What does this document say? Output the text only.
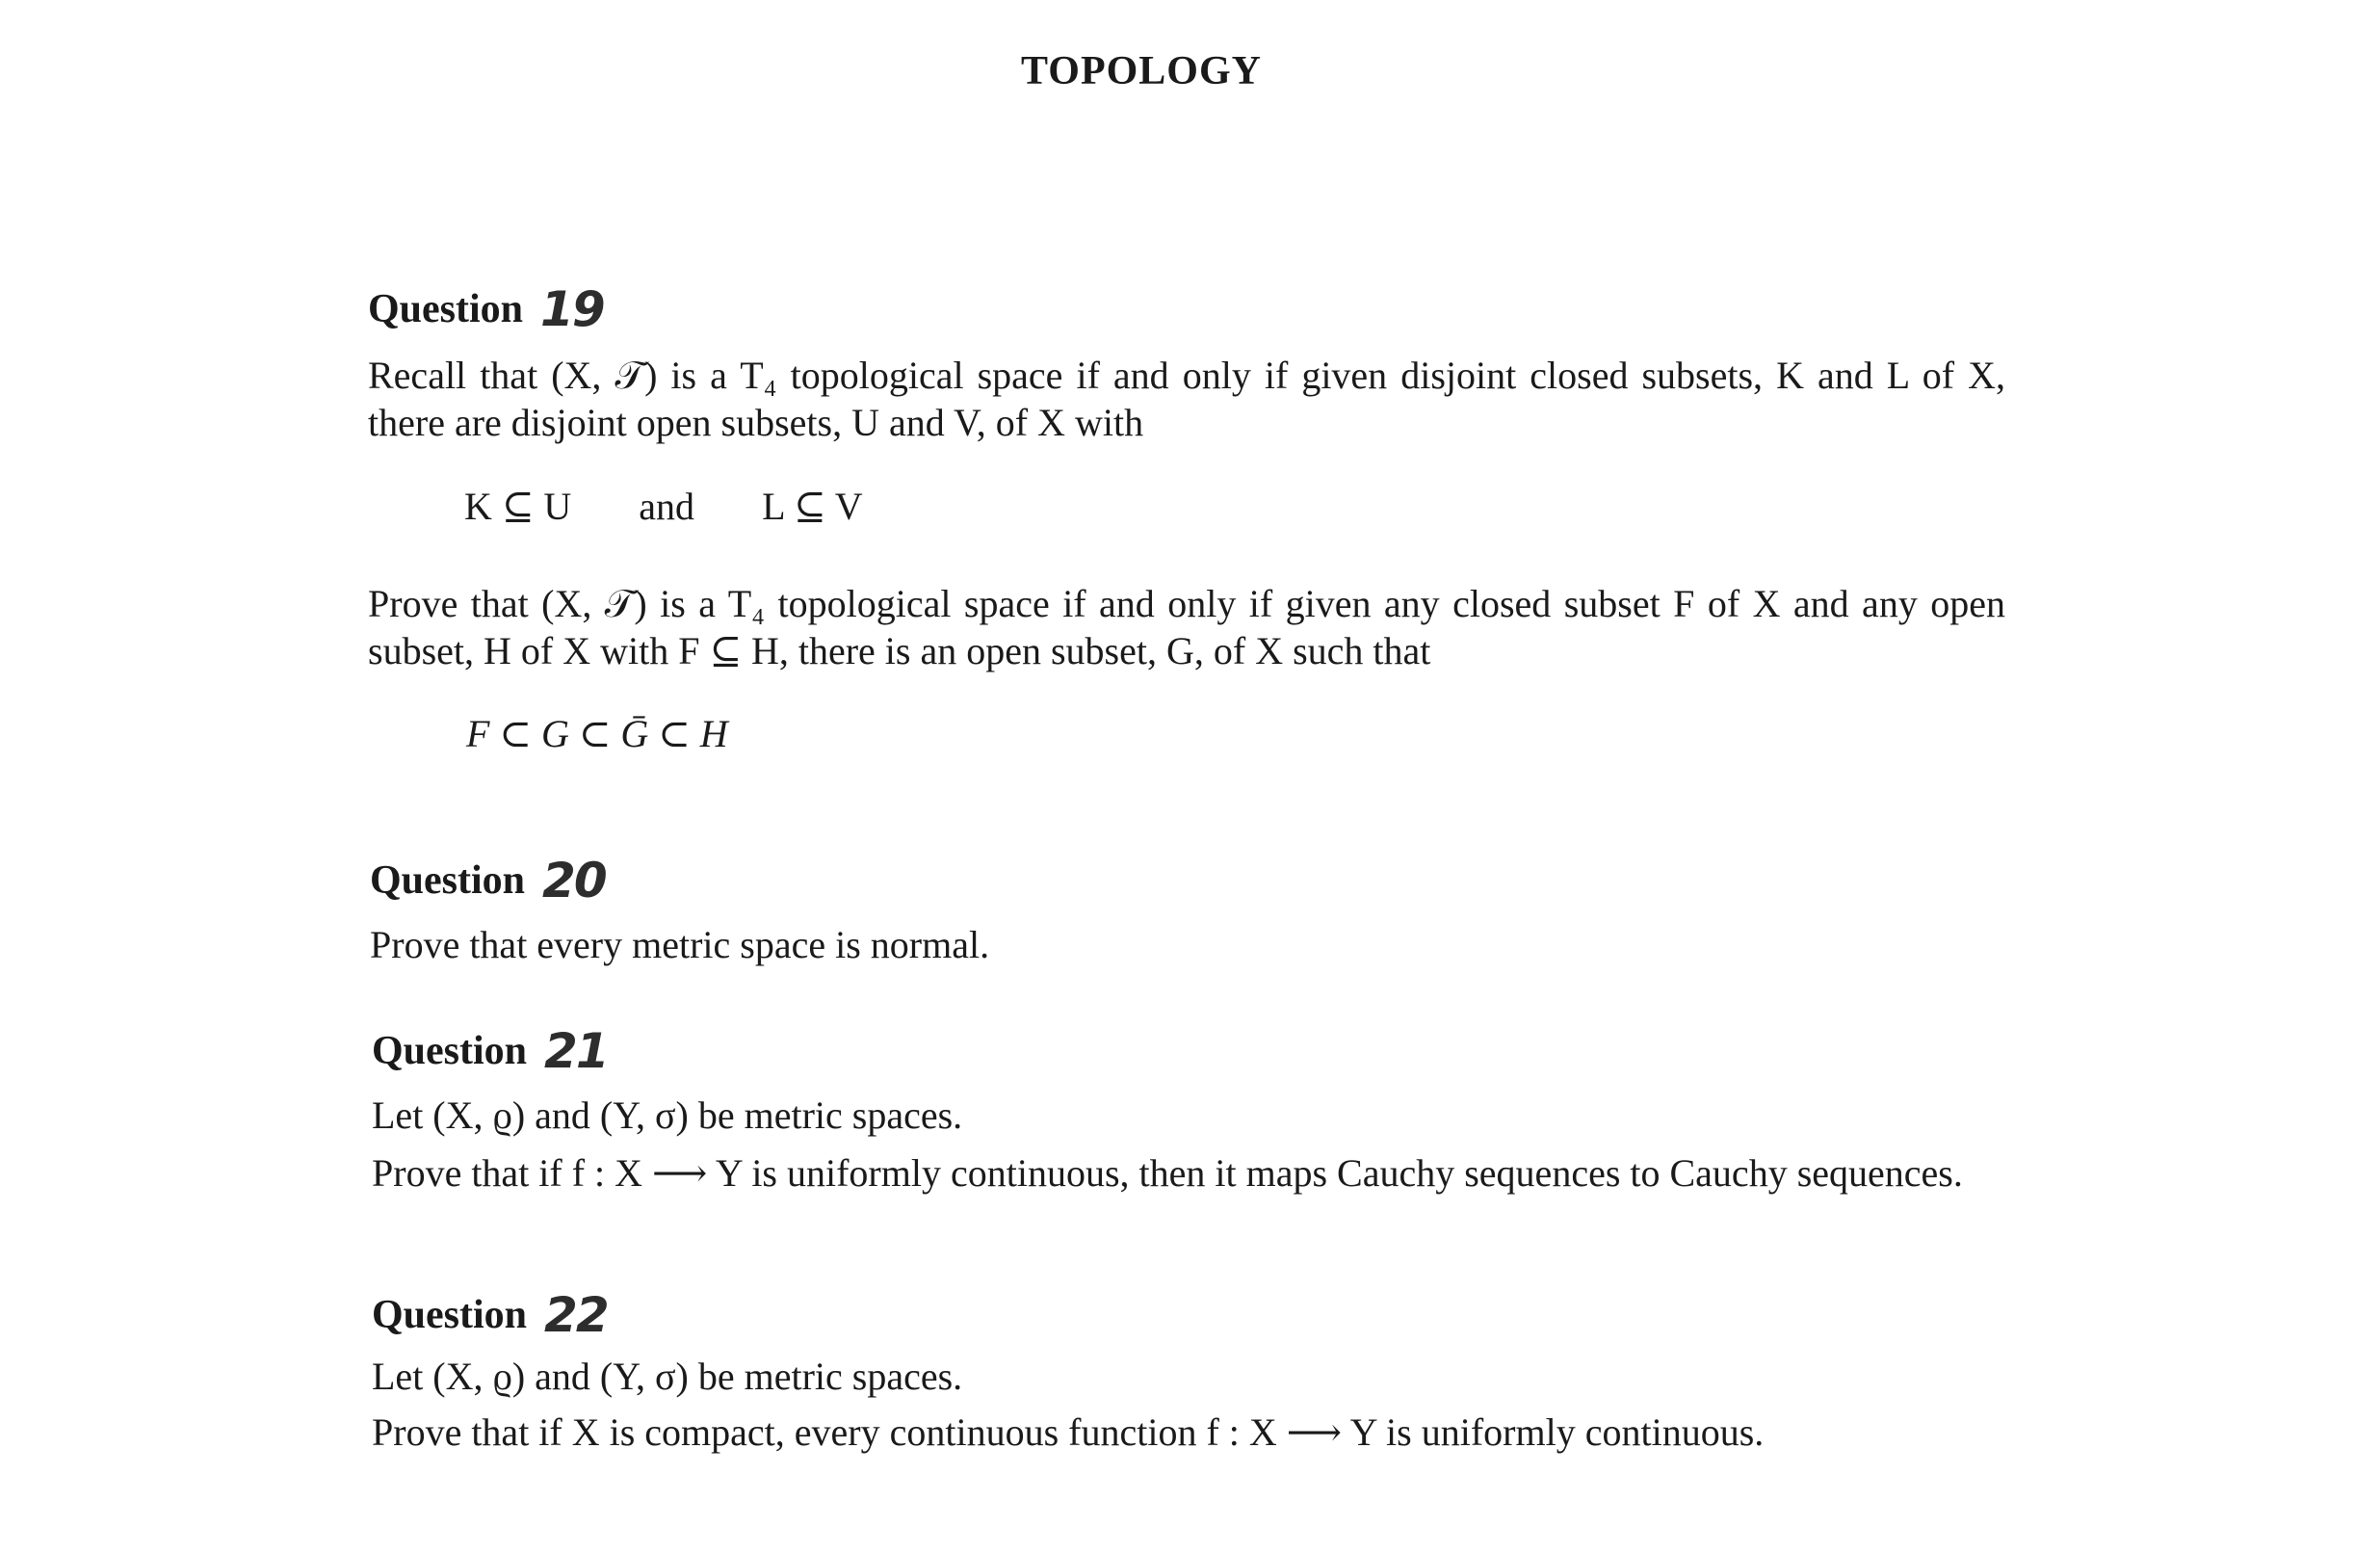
TOPOLOGY
Question 19
Recall that (X, 𝒯) is a T₄ topological space if and only if given disjoint closed subsets, K and L of X, there are disjoint open subsets, U and V, of X with
K ⊆ U and L ⊆ V
Prove that (X, 𝒯) is a T₄ topological space if and only if given any closed subset F of X and any open subset, H of X with F ⊆ H, there is an open subset, G, of X such that
F ⊂ G ⊂ Ḡ ⊂ H
Question 20
Prove that every metric space is normal.
Question 21
Let (X, ϱ) and (Y, σ) be metric spaces.
Prove that if f : X ⟶ Y is uniformly continuous, then it maps Cauchy sequences to Cauchy sequences.
Question 22
Let (X, ϱ) and (Y, σ) be metric spaces.
Prove that if X is compact, every continuous function f : X ⟶ Y is uniformly continuous.
